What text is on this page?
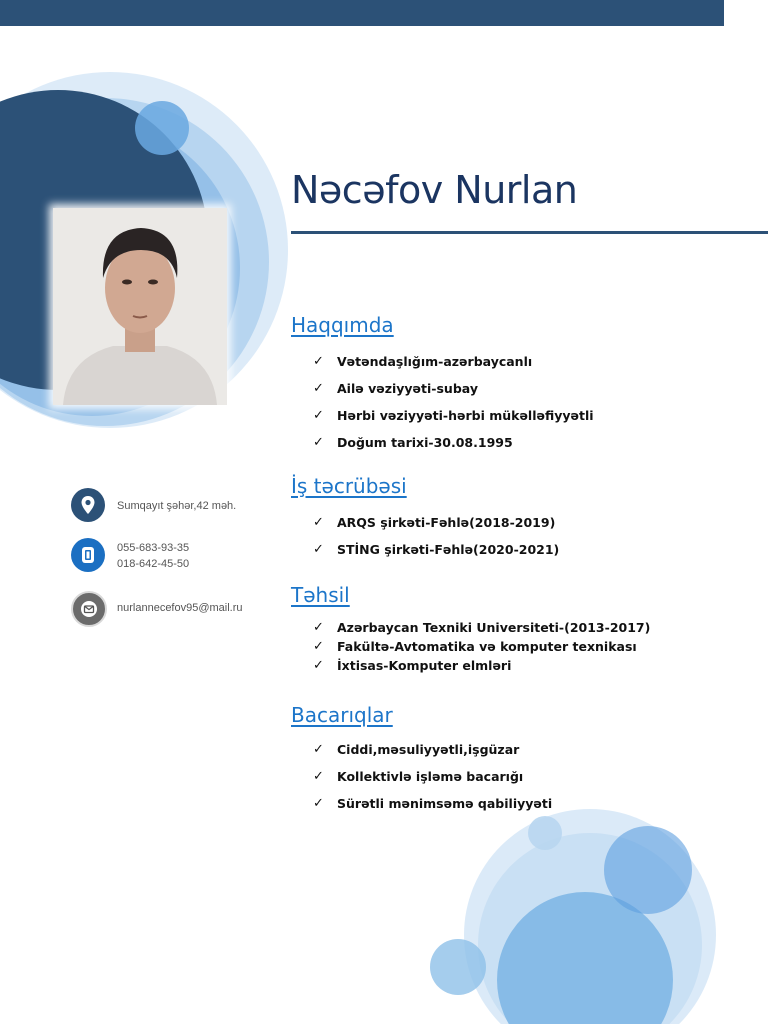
Nəcəfov Nurlan

Sumqayıt şəhər,42 məh.

055-683-93-35

018-642-45-50

nurlannecefov95@mail.ru

Haqqımda
✓ Vətəndaşlığım-azərbaycanlı
✓ Ailə vəziyyəti-subay
✓ Hərbi vəziyyəti-hərbi mükəlləfiyyətli
✓ Doğum tarixi-30.08.1995
İş təcrübəsi
✓ ARQS şirkəti-Fəhlə(2018-2019)
✓ STİNG şirkəti-Fəhlə(2020-2021)
Təhsil
✓ Azərbaycan Texniki Universiteti-(2013-2017)
✓ Fakültə-Avtomatika və komputer texnikası
✓ İxtisas-Komputer elmləri
Bacarıqlar
✓ Ciddi,məsuliyyətli,işgüzar
✓ Kollektivlə işləmə bacarığı
✓ Sürətli mənimsəmə qabiliyyəti
